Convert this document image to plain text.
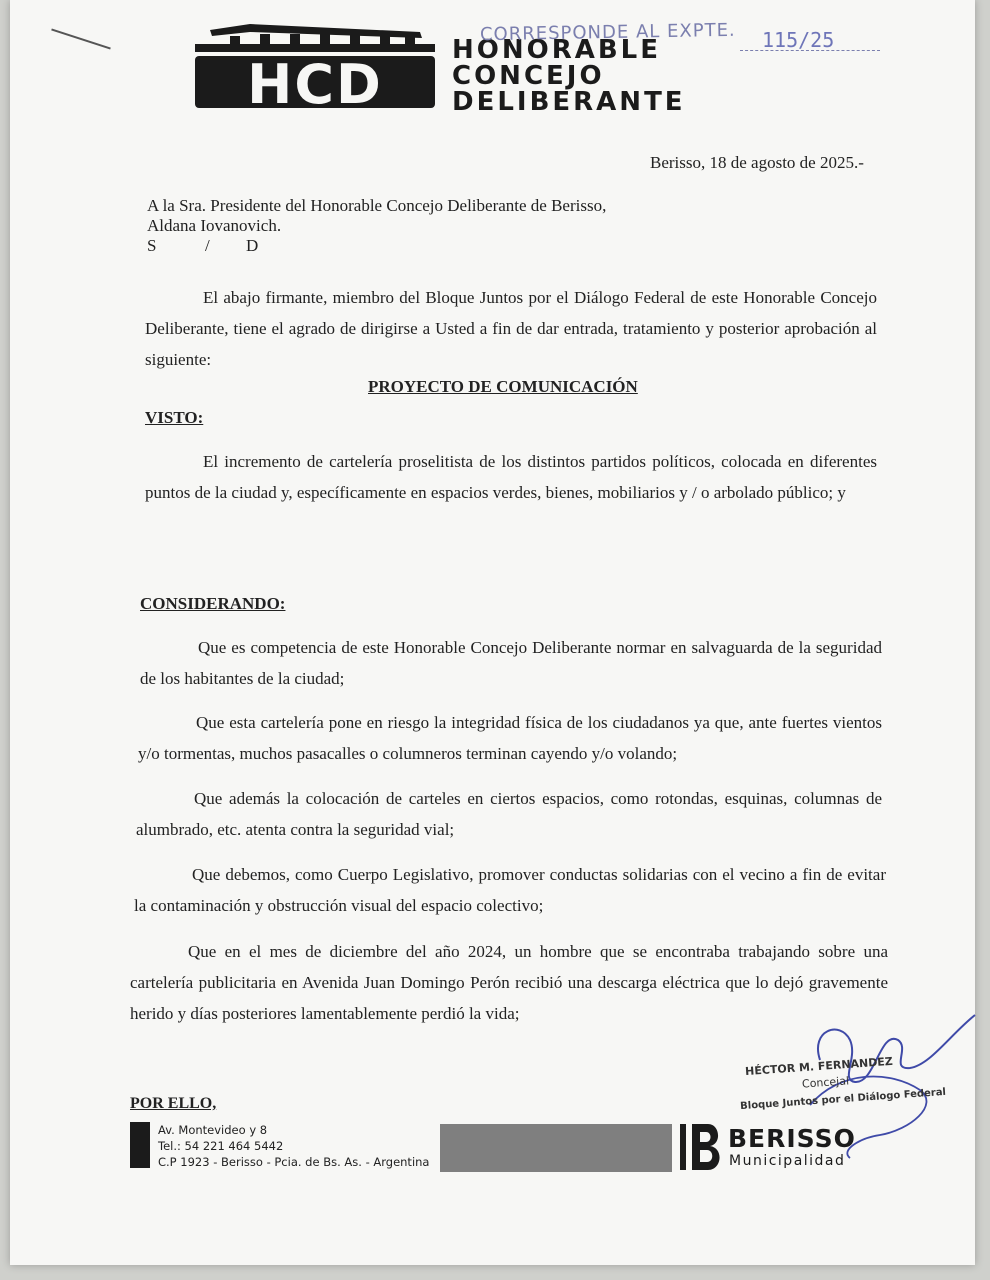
HCD
HONORABLE
CONCEJO
DELIBERANTE
CORRESPONDE AL EXPTE. 115/25
Berisso, 18 de agosto de 2025.-
A la Sra. Presidente del Honorable Concejo Deliberante de Berisso,
Aldana Iovanovich.
S	/ D
El abajo firmante, miembro del Bloque Juntos por el Diálogo Federal de este Honorable Concejo Deliberante, tiene el agrado de dirigirse a Usted a fin de dar entrada, tratamiento y posterior aprobación al siguiente:
PROYECTO DE COMUNICACIÓN
VISTO:
El incremento de cartelería proselitista de los distintos partidos políticos, colocada en diferentes puntos de la ciudad y, específicamente en espacios verdes, bienes, mobiliarios y / o arbolado público; y
CONSIDERANDO:
Que es competencia de este Honorable Concejo Deliberante normar en salvaguarda de la seguridad de los habitantes de la ciudad;
Que esta cartelería pone en riesgo la integridad física de los ciudadanos ya que, ante fuertes vientos y/o tormentas, muchos pasacalles o columneros terminan cayendo y/o volando;
Que además la colocación de carteles en ciertos espacios, como rotondas, esquinas, columnas de alumbrado, etc. atenta contra la seguridad vial;
Que debemos, como Cuerpo Legislativo, promover conductas solidarias con el vecino a fin de evitar la contaminación y obstrucción visual del espacio colectivo;
Que en el mes de diciembre del año 2024, un hombre que se encontraba trabajando sobre una cartelería publicitaria en Avenida Juan Domingo Perón recibió una descarga eléctrica que lo dejó gravemente herido y días posteriores lamentablemente perdió la vida;
HÉCTOR M. FERNANDEZ
Concejal
Bloque Juntos por el Diálogo Federal
POR ELLO,
Av. Montevideo y 8
Tel.: 54 221 464 5442
C.P 1923 - Berisso - Pcia. de Bs. As. - Argentina
BERISSO
Municipalidad
